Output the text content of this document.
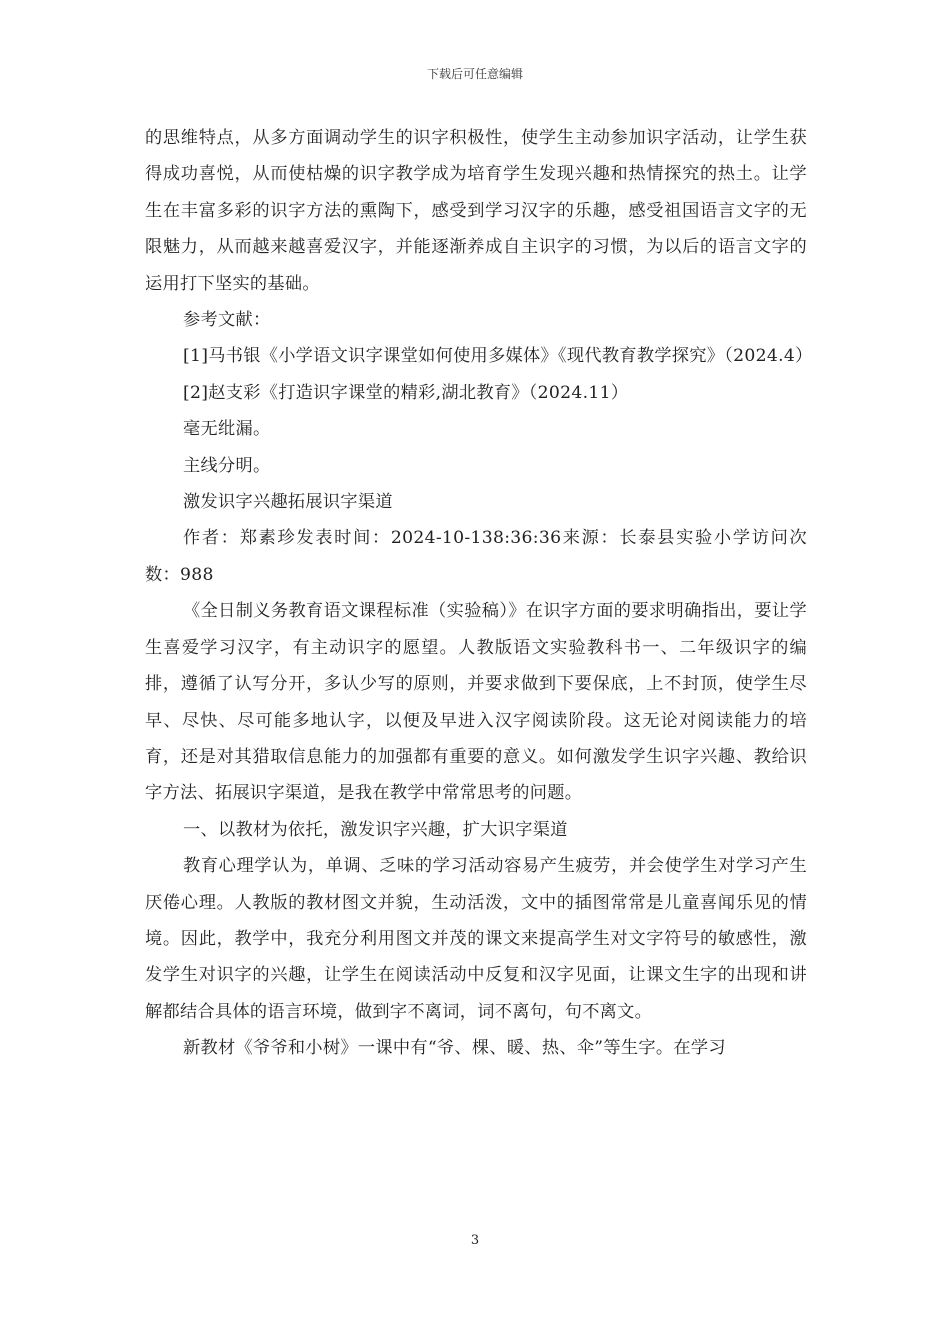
下载后可任意编辑

的思维特点，从多方面调动学生的识字积极性，使学生主动参加识字活动，让学生获得成功喜悦，从而使枯燥的识字教学成为培育学生发现兴趣和热情探究的热土。让学生在丰富多彩的识字方法的熏陶下，感受到学习汉字的乐趣，感受祖国语言文字的无限魅力，从而越来越喜爱汉字，并能逐渐养成自主识字的习惯，为以后的语言文字的运用打下坚实的基础。

参考文献：

[1]马书银《小学语文识字课堂如何使用多媒体》《现代教育教学探究》（2024.4）

[2]赵支彩《打造识字课堂的精彩,湖北教育》（2024.11）

毫无纰漏。

主线分明。

激发识字兴趣拓展识字渠道

作者：郑素珍发表时间：2024-10-138:36:36来源：长泰县实验小学访问次数：988

《全日制义务教育语文课程标准（实验稿）》在识字方面的要求明确指出，要让学生喜爱学习汉字，有主动识字的愿望。人教版语文实验教科书一、二年级识字的编排，遵循了认写分开，多认少写的原则，并要求做到下要保底，上不封顶，使学生尽早、尽快、尽可能多地认字，以便及早进入汉字阅读阶段。这无论对阅读能力的培育，还是对其猎取信息能力的加强都有重要的意义。如何激发学生识字兴趣、教给识字方法、拓展识字渠道，是我在教学中常常思考的问题。

一、以教材为依托，激发识字兴趣，扩大识字渠道

教育心理学认为，单调、乏味的学习活动容易产生疲劳，并会使学生对学习产生厌倦心理。人教版的教材图文并貌，生动活泼，文中的插图常常是儿童喜闻乐见的情境。因此，教学中，我充分利用图文并茂的课文来提高学生对文字符号的敏感性，激发学生对识字的兴趣，让学生在阅读活动中反复和汉字见面，让课文生字的出现和讲解都结合具体的语言环境，做到字不离词，词不离句，句不离文。

新教材《爷爷和小树》一课中有“爷、棵、暖、热、伞”等生字。在学习

3
